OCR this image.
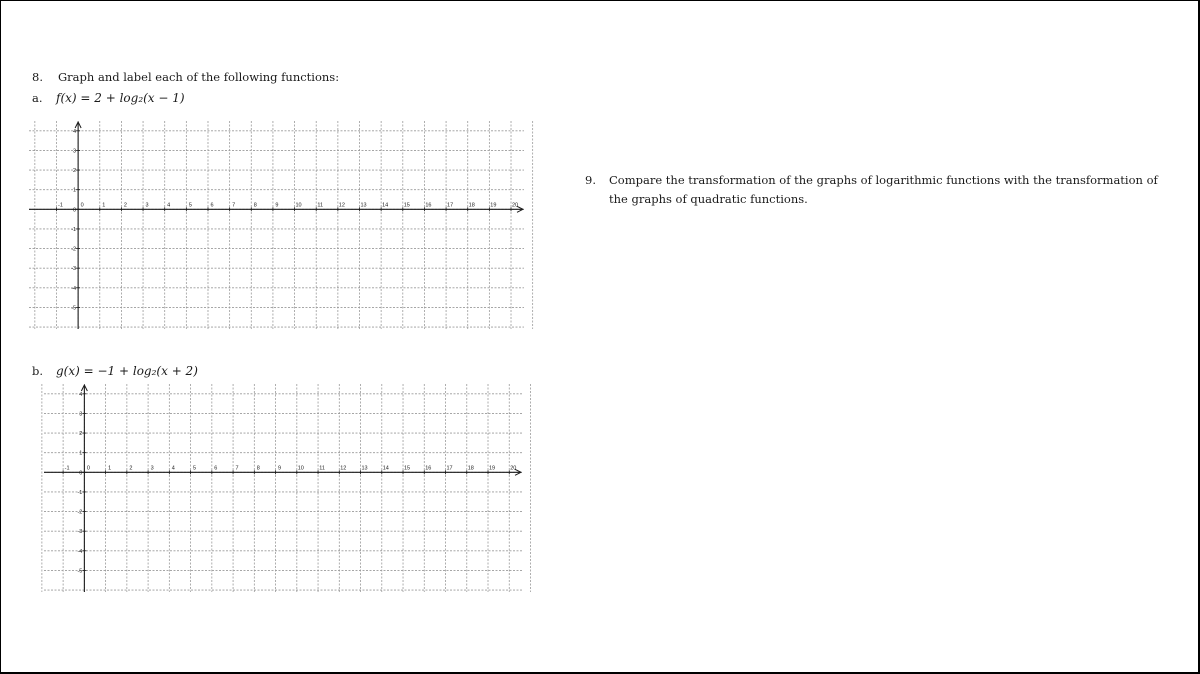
8. Graph and label each of the following functions:
a. f(x) = 2 + log₂(x − 1)
-1	0	1	2	3	4	5	6	7	8	9	10	11	12	13	14	15	16	17	18	19	20
4
3
2
1
0
-1
-2
-3
-4
-5
b. g(x) = −1 + log₂(x + 2)
-1	0	1	2	3	4	5	6	7	8	9	10	11	12	13	14	15	16	17	18	19	20
4
3
2
1
0
-1
-2
-3
-4
-5
9. Compare the transformation of the graphs of logarithmic functions with the transformation of the graphs of quadratic functions.
